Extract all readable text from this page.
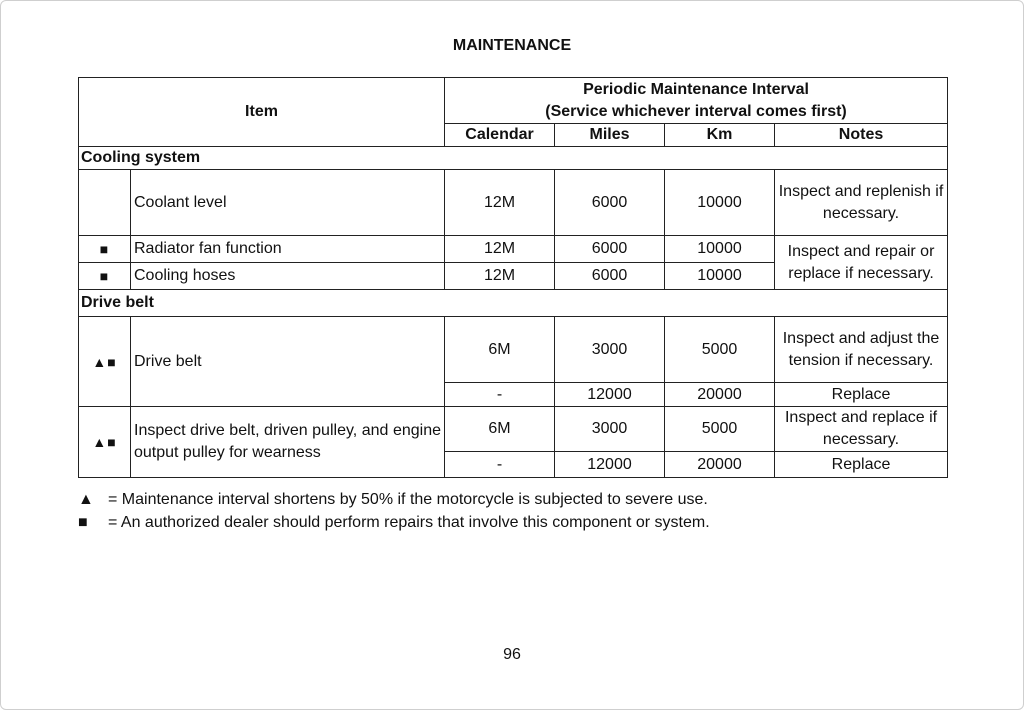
MAINTENANCE
Item		Periodic Maintenance Interval
(Service whichever interval comes first)			

		Calendar	Miles	Km	Notes
Cooling system					
	Coolant level	12M	6000	10000	Inspect and replenish if necessary.
■	Radiator fan function	12M	6000	10000	Inspect and repair or replace if necessary.
■	Cooling hoses	12M	6000	10000	
Drive belt					
▲■	Drive belt	6M	3000	5000	Inspect and adjust the tension if necessary.
		-	12000	20000	Replace
▲■	Inspect drive belt, driven pulley, and engine output pulley for wearness	6M	3000	5000	Inspect and replace if necessary.
		-	12000	20000	Replace
▲ = Maintenance interval shortens by 50% if the motorcycle is subjected to severe use.
■	= An authorized dealer should perform repairs that involve this component or system.
96
